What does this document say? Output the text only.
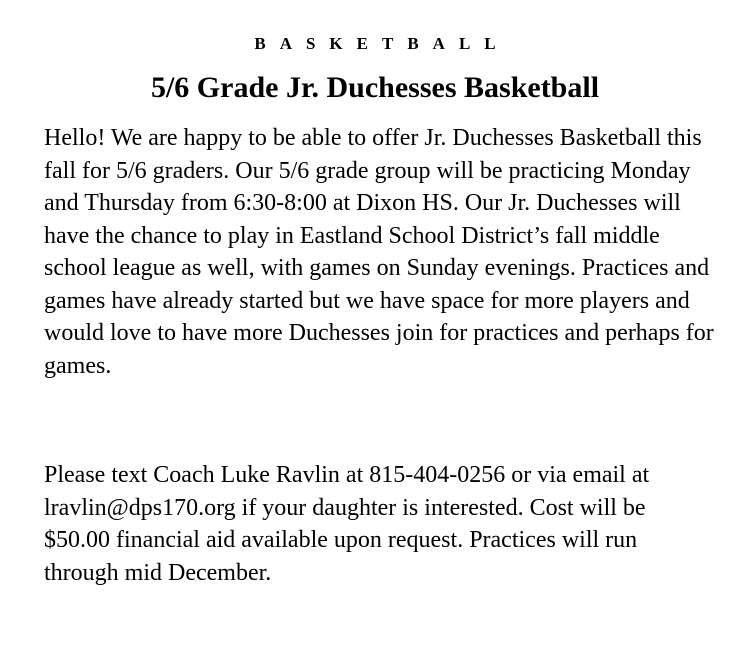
BASKETBALL
5/6 Grade Jr. Duchesses Basketball

Hello! We are happy to be able to offer Jr. Duchesses Basketball this fall for 5/6 graders. Our 5/6 grade group will be practicing Monday and Thursday from 6:30-8:00 at Dixon HS. Our Jr. Duchesses will have the chance to play in Eastland School District’s fall middle school league as well, with games on Sunday evenings. Practices and games have already started but we have space for more players and would love to have more Duchesses join for practices and perhaps for games.

Please text Coach Luke Ravlin at 815-404-0256 or via email at lravlin@dps170.org if your daughter is interested. Cost will be $50.00 financial aid available upon request. Practices will run through mid December.
